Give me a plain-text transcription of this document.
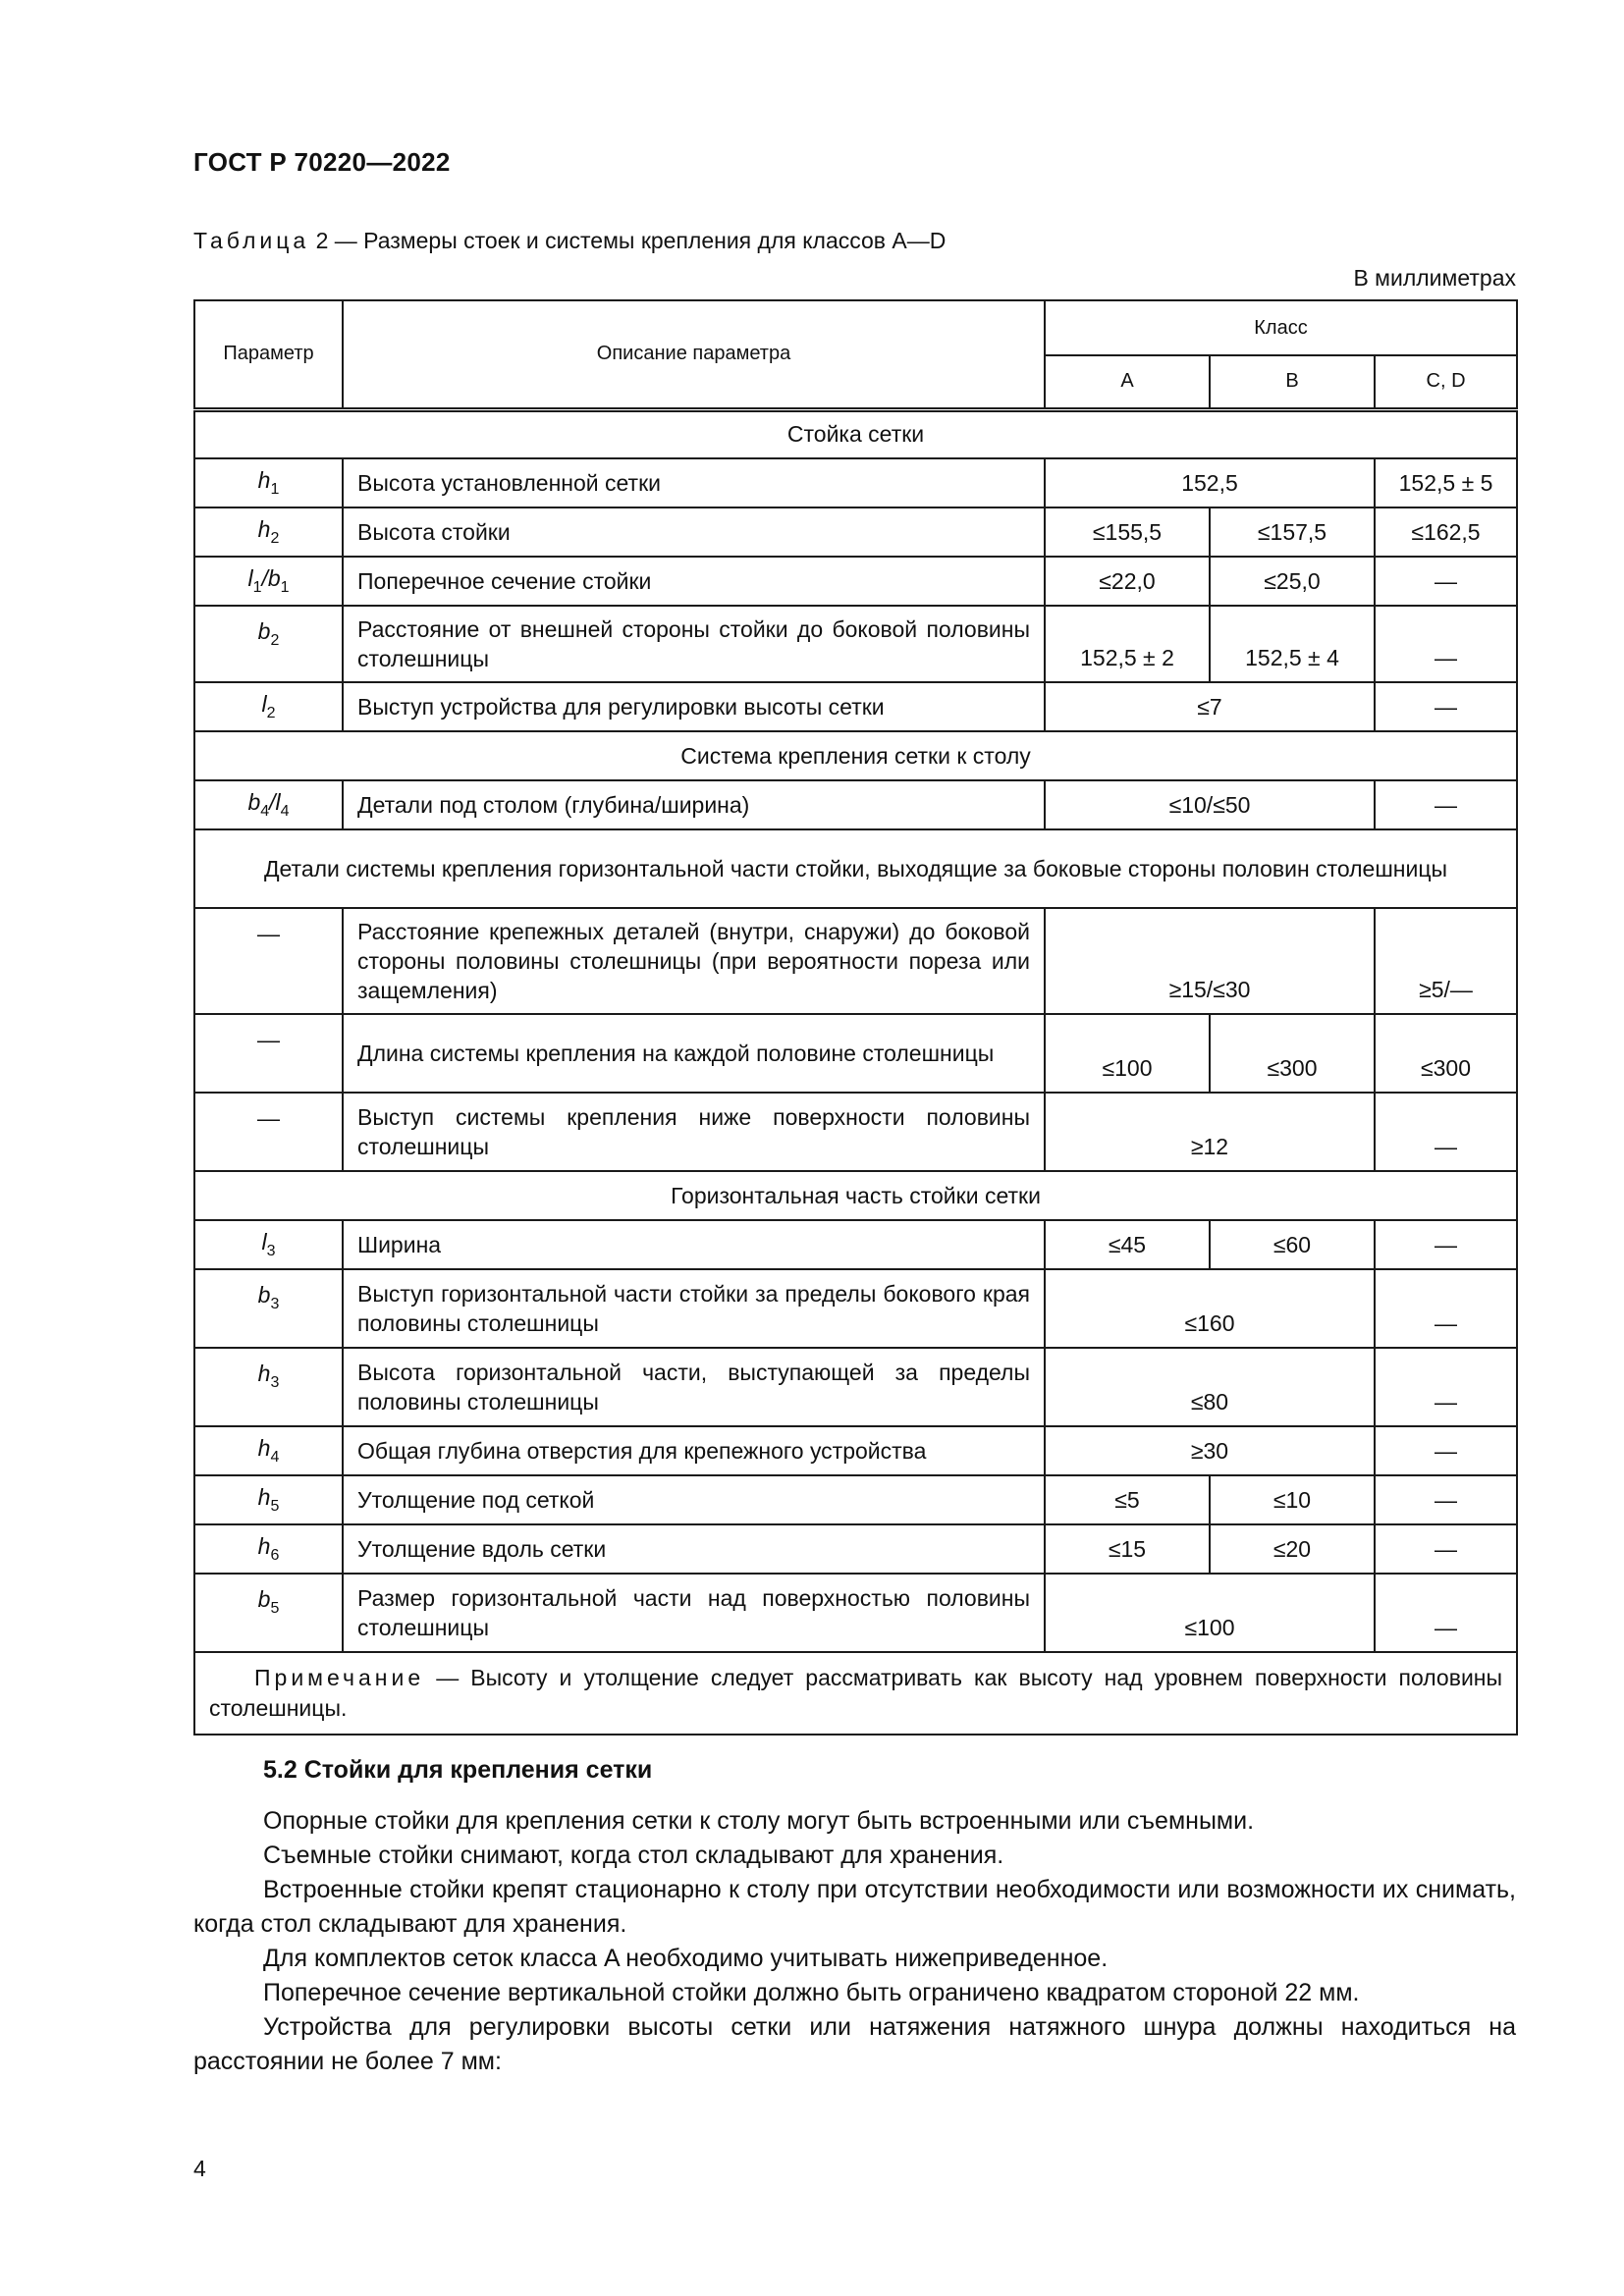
ГОСТ Р 70220—2022
Таблица 2 — Размеры стоек и системы крепления для классов A—D
В миллиметрах
Параметр	Описание параметра	Класс		
		A	B	C, D
Стойка сетки				
$h_1$	Высота установленной сетки	152,5		152,5 ± 5
$h_2$	Высота стойки	≤155,5	≤157,5	≤162,5
$l_1/b_1$	Поперечное сечение стойки	≤22,0	≤25,0	—
$b_2$	Расстояние от внешней стороны стойки до боковой половины столешницы	152,5 ± 2	152,5 ± 4	—
$l_2$	Выступ устройства для регулировки высоты сетки	≤7		—
Система крепления сетки к столу				
$b_4/l_4$	Детали под столом (глубина/ширина)	≤10/≤50		—
Детали системы крепления горизонтальной части стойки, выходящие за боковые стороны половин столешницы				
—	Расстояние крепежных деталей (внутри, снаружи) до боковой стороны половины столешницы (при вероятности пореза или защемления)	≥15/≤30		≥5/—
—	Длина системы крепления на каждой половине столешницы	≤100	≤300	≤300
—	Выступ системы крепления ниже поверхности половины столешницы	≥12		—
Горизонтальная часть стойки сетки				
$l_3$	Ширина	≤45	≤60	—
$b_3$	Выступ горизонтальной части стойки за пределы бокового края половины столешницы	≤160		—
$h_3$	Высота горизонтальной части, выступающей за пределы половины столешницы	≤80		—
$h_4$	Общая глубина отверстия для крепежного устройства	≥30		—
$h_5$	Утолщение под сеткой	≤5	≤10	—
$h_6$	Утолщение вдоль сетки	≤15	≤20	—
$b_5$	Размер горизонтальной части над поверхностью половины столешницы	≤100		—
Примечание — Высоту и утолщение следует рассматривать как высоту над уровнем поверхности половины столешницы.				
5.2 Стойки для крепления сетки
Опорные стойки для крепления сетки к столу могут быть встроенными или съемными.
Съемные стойки снимают, когда стол складывают для хранения.
Встроенные стойки крепят стационарно к столу при отсутствии необходимости или возможности их снимать, когда стол складывают для хранения.
Для комплектов сеток класса A необходимо учитывать нижеприведенное.
Поперечное сечение вертикальной стойки должно быть ограничено квадратом стороной 22 мм.
Устройства для регулировки высоты сетки или натяжения натяжного шнура должны находиться на расстоянии не более 7 мм:
4
